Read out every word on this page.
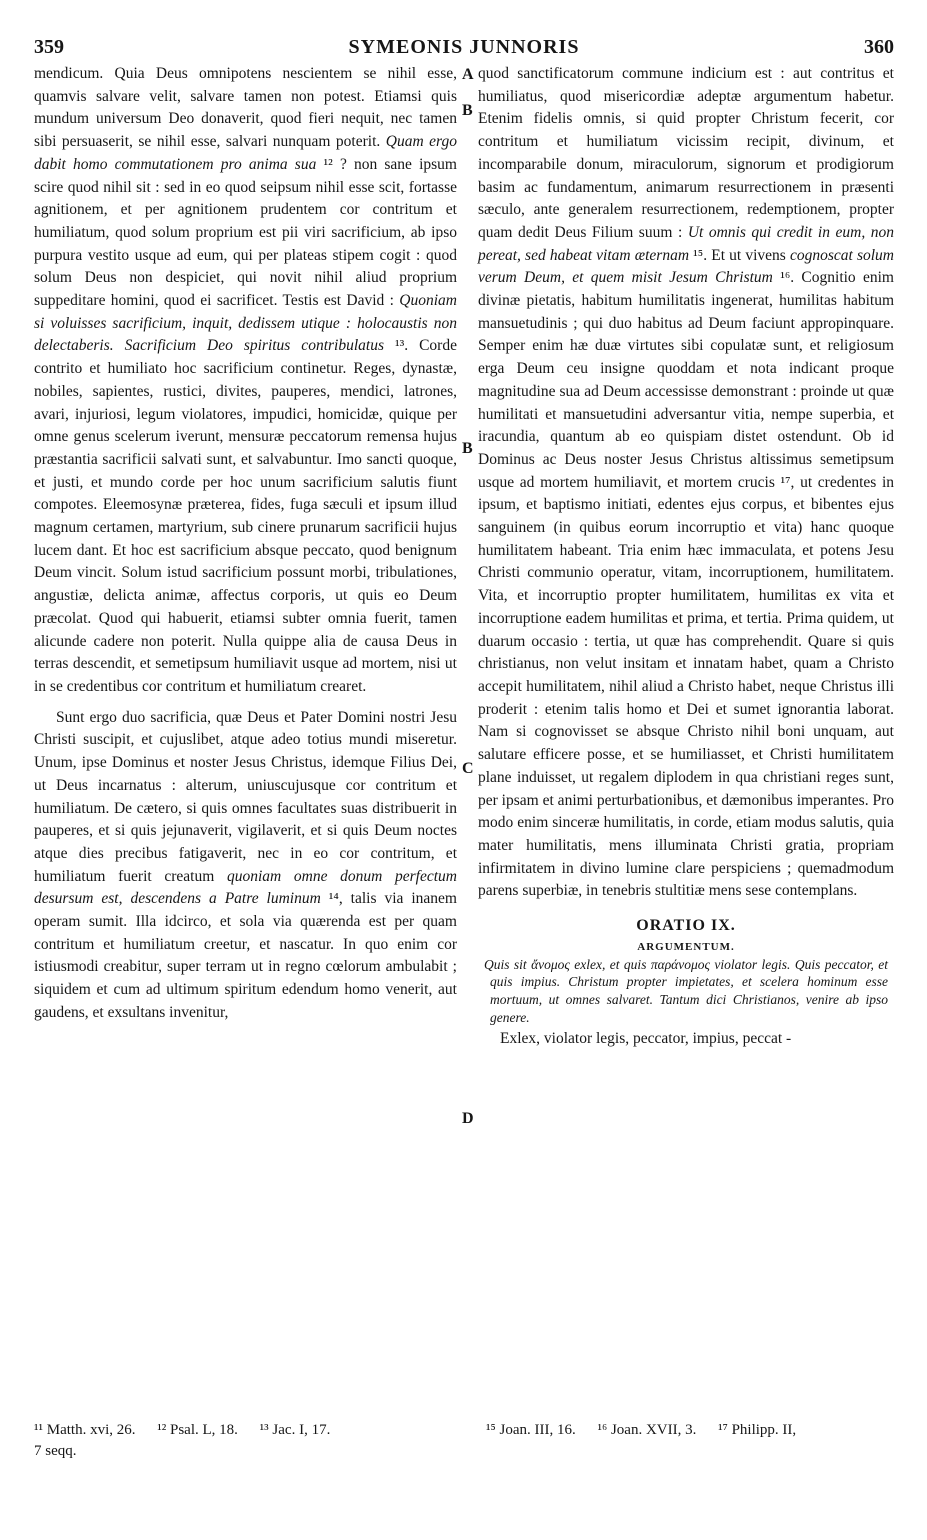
359	SYMEONIS JUNNORIS	360
A
B
B
C
D

mendicum. Quia Deus omnipotens nescientem se nihil esse, quamvis salvare velit, salvare tamen non potest. Etiamsi quis mundum universum Deo donaverit, quod fieri nequit, nec tamen sibi persuaserit, se nihil esse, salvari nunquam poterit. Quam ergo dabit homo commutationem pro anima sua ¹² ? non sane ipsum scire quod nihil sit : sed in eo quod seipsum nihil esse scit, fortasse agnitionem, et per agnitionem prudentem cor contritum et humiliatum, quod solum proprium est pii viri sacrificium, ab ipso purpura vestito usque ad eum, qui per plateas stipem cogit : quod solum Deus non despiciet, qui novit nihil aliud proprium suppeditare homini, quod ei sacrificet. Testis est David : Quoniam si voluisses sacrificium, inquit, dedissem utique : holocaustis non delectaberis. Sacrificium Deo spiritus contribulatus ¹³. Corde contrito et humiliato hoc sacrificium continetur. Reges, dynastæ, nobiles, sapientes, rustici, divites, pauperes, mendici, latrones, avari, injuriosi, legum violatores, impudici, homicidæ, quique per omne genus scelerum iverunt, mensuræ peccatorum remensa hujus præstantia sacrificii salvati sunt, et salvabuntur. Imo sancti quoque, et justi, et mundo corde per hoc unum sacrificium salutis fiunt compotes. Eleemosynæ præterea, fides, fuga sæculi et ipsum illud magnum certamen, martyrium, sub cinere prunarum sacrificii hujus lucem dant. Et hoc est sacrificium absque peccato, quod benignum Deum vincit. Solum istud sacrificium possunt morbi, tribulationes, angustiæ, delicta animæ, affectus corporis, ut quis eo Deum præcolat. Quod qui habuerit, etiamsi subter omnia fuerit, tamen alicunde cadere non poterit. Nulla quippe alia de causa Deus in terras descendit, et semetipsum humiliavit usque ad mortem, nisi ut in se credentibus cor contritum et humiliatum crearet.

Sunt ergo duo sacrificia, quæ Deus et Pater Domini nostri Jesu Christi suscipit, et cujuslibet, atque adeo totius mundi miseretur. Unum, ipse Dominus et noster Jesus Christus, idemque Filius Dei, ut Deus incarnatus : alterum, uniuscujusque cor contritum et humiliatum. De cætero, si quis omnes facultates suas distribuerit in pauperes, et si quis jejunaverit, vigilaverit, et si quis Deum noctes atque dies precibus fatigaverit, nec in eo cor contritum, et humiliatum fuerit creatum quoniam omne donum perfectum desursum est, descendens a Patre luminum ¹⁴, talis via inanem operam sumit. Illa idcirco, et sola via quærenda est per quam contritum et humiliatum creetur, et nascatur. In quo enim cor istiusmodi creabitur, super terram ut in regno cœlorum ambulabit ; siquidem et cum ad ultimum spiritum edendum homo venerit, aut gaudens, et exsultans invenitur,

quod sanctificatorum commune indicium est : aut contritus et humiliatus, quod misericordiæ adeptæ argumentum habetur. Etenim fidelis omnis, si quid propter Christum fecerit, cor contritum et humiliatum vicissim recipit, divinum, et incomparabile donum, miraculorum, signorum et prodigiorum basim ac fundamentum, animarum resurrectionem in præsenti sæculo, ante generalem resurrectionem, redemptionem, propter quam dedit Deus Filium suum : Ut omnis qui credit in eum, non pereat, sed habeat vitam æternam ¹⁵. Et ut vivens cognoscat solum verum Deum, et quem misit Jesum Christum ¹⁶. Cognitio enim divinæ pietatis, habitum humilitatis ingenerat, humilitas habitum mansuetudinis ; qui duo habitus ad Deum faciunt appropinquare. Semper enim hæ duæ virtutes sibi copulatæ sunt, et religiosum erga Deum ceu insigne quoddam et nota indicant proque magnitudine sua ad Deum accessisse demonstrant : proinde ut quæ humilitati et mansuetudini adversantur vitia, nempe superbia, et iracundia, quantum ab eo quispiam distet ostendunt. Ob id Dominus ac Deus noster Jesus Christus altissimus semetipsum usque ad mortem humiliavit, et mortem crucis ¹⁷, ut credentes in ipsum, et baptismo initiati, edentes ejus corpus, et bibentes ejus sanguinem (in quibus eorum incorruptio et vita) hanc quoque humilitatem habeant. Tria enim hæc immaculata, et potens Jesu Christi communio operatur, vitam, incorruptionem, humilitatem. Vita, et incorruptio propter humilitatem, humilitas ex vita et incorruptione eadem humilitas et prima, et tertia. Prima quidem, ut duarum occasio : tertia, ut quæ has comprehendit. Quare si quis christianus, non velut insitam et innatam habet, quam a Christo accepit humilitatem, nihil aliud a Christo habet, neque Christus illi proderit : etenim talis homo et Dei et sumet ignorantia laborat. Nam si cognovisset se absque Christo nihil boni unquam, aut salutare efficere posse, et se humiliasset, et Christi humilitatem plane induisset, ut regalem diplodem in qua christiani reges sunt, per ipsam et animi perturbationibus, et dæmonibus imperantes. Pro modo enim sinceræ humilitatis, in corde, etiam modus salutis, quia mater humilitatis, mens illuminata Christi gratia, propriam infirmitatem in divino lumine clare perspiciens ; quemadmodum parens superbiæ, in tenebris stultitiæ mens sese contemplans.

ORATIO IX.

ARGUMENTUM.

Quis sit ἄνομος exlex, et quis παράνομος violator legis. Quis peccator, et quis impius. Christum propter impietates, et scelera hominum esse mortuum, ut omnes salvaret. Tantum dici Christianos, venire ab ipso genere.

Exlex, violator legis, peccator, impius, peccat -

¹¹ Matth. xvi, 26. ¹² Psal. L, 18. ¹³ Jac. I, 17.
7 seqq.
¹⁵ Joan. III, 16. ¹⁶ Joan. XVII, 3. ¹⁷ Philipp. II,
